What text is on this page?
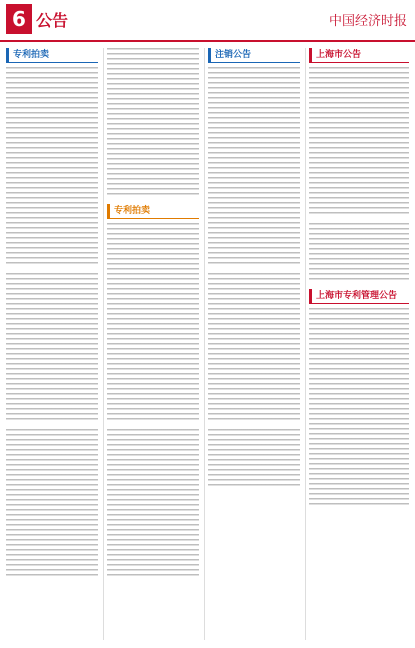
6 公告	中国经济时报
专利拍卖
专利拍卖
注销公告	上海市公告
上海市专利管理公告
